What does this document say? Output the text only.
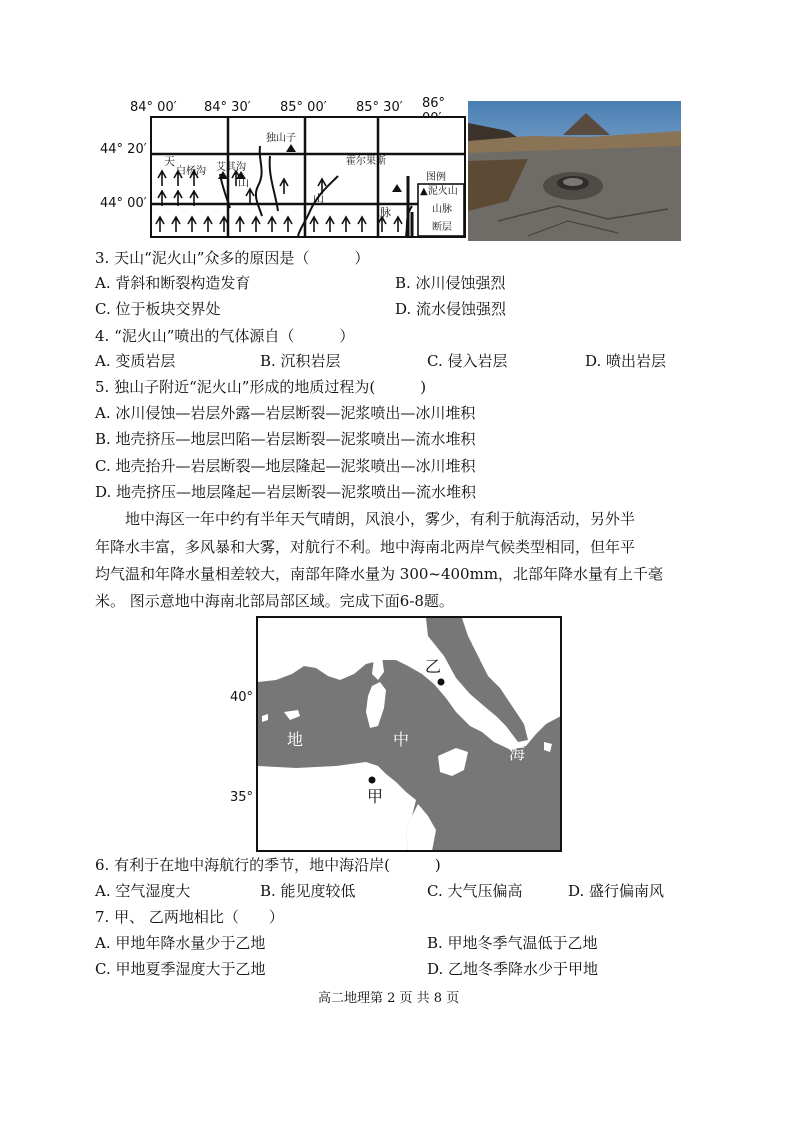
84° 00′ 84° 30′ 85° 00′ 85° 30′ 86°
44° 20′
44° 00′
独山子
霍尔果斯
白杨沟 艾其沟
天
山
山
脉
图例
▲泥火山
山脉
断层
3. 天山“泥火山”众多的原因是（　　　）
A. 背斜和断裂构造发育	B. 冰川侵蚀强烈
C. 位于板块交界处	D. 流水侵蚀强烈
4. “泥火山”喷出的气体源自（　　　）
A. 变质岩层	B. 沉积岩层	C. 侵入岩层	D. 喷出岩层
5. 独山子附近“泥火山”形成的地质过程为(　　　)
A. 冰川侵蚀—岩层外露—岩层断裂—泥浆喷出—冰川堆积
B. 地壳挤压—地层凹陷—岩层断裂—泥浆喷出—流水堆积
C. 地壳抬升—岩层断裂—地层隆起—泥浆喷出—冰川堆积
D. 地壳挤压—地层隆起—岩层断裂—泥浆喷出—流水堆积
地中海区一年中约有半年天气晴朗，风浪小，雾少，有利于航海活动，另外半
年降水丰富，多风暴和大雾，对航行不利。地中海南北两岸气候类型相同，但年平
均气温和年降水量相差较大，南部年降水量为 300~400mm，北部年降水量有上千毫
米。 图示意地中海南北部局部区域。完成下面6-8题。
40°
35°
地	中
海
甲
乙
6. 有利于在地中海航行的季节，地中海沿岸(　　　)
A. 空气湿度大	B. 能见度较低	C. 大气压偏高	D. 盛行偏南风
7. 甲、 乙两地相比（　　）
A. 甲地年降水量少于乙地	B. 甲地冬季气温低于乙地
C. 甲地夏季湿度大于乙地	D. 乙地冬季降水少于甲地
高二地理第 2 页 共 8 页
